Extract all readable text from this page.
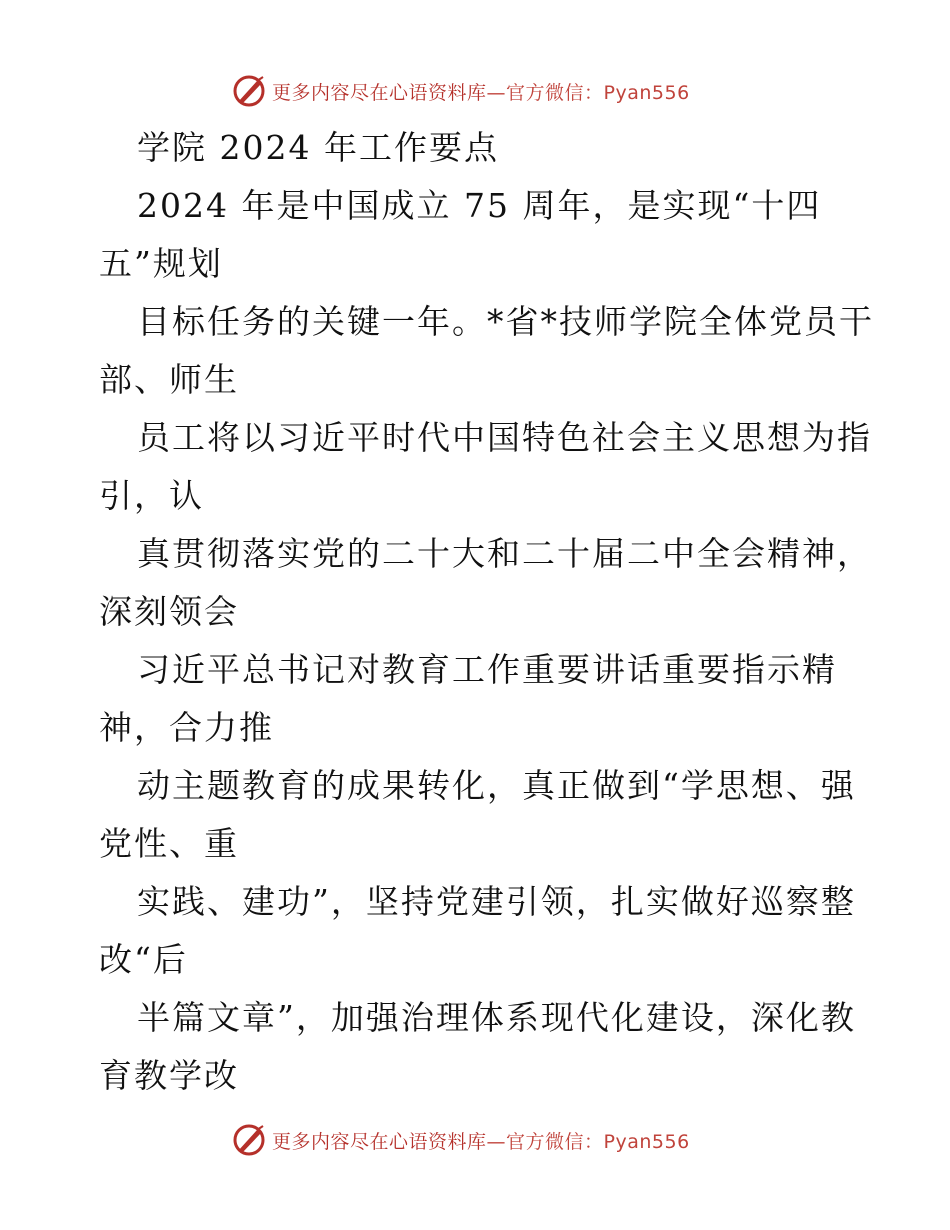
更多内容尽在心语资料库 —官方微信：Pyan556
学院 2024 年工作要点
2024 年是中国成立 75 周年，是实现“十四
五”规划
目标任务的关键一年。*省*技师学院全体党员干
部、师生
员工将以习近平时代中国特色社会主义思想为指
引，认
真贯彻落实党的二十大和二十届二中全会精神，
深刻领会
习近平总书记对教育工作重要讲话重要指示精
神，合力推
动主题教育的成果转化，真正做到“学思想、强
党性、重
实践、建功”，坚持党建引领，扎实做好巡察整
改“后
半篇文章”，加强治理体系现代化建设，深化教
育教学改
更多内容尽在心语资料库 —官方微信：Pyan556
